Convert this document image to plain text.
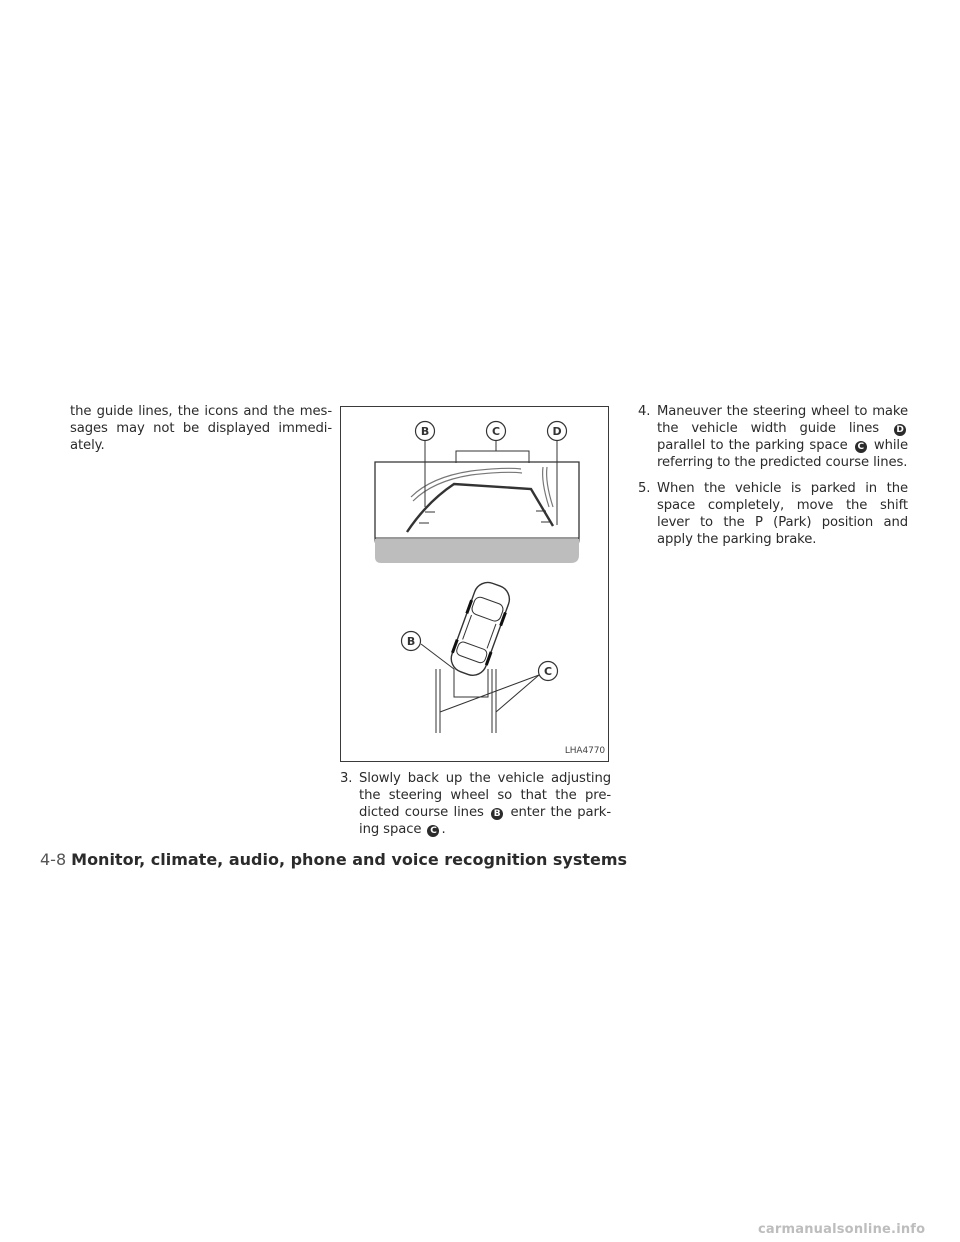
the guide lines, the icons and the mes-sages may not be displayed immedi-ately.
B	C	D
B
C
LHA4770
3. Slowly back up the vehicle adjusting the steering wheel so that the pre-dicted course lines B enter the park-ing space C .
4. Maneuver the steering wheel to make the vehicle width guide lines D parallel to the parking space C while referring to the predicted course lines.
5. When the vehicle is parked in the space completely, move the shift lever to the P (Park) position and apply the parking brake.
4-8 Monitor, climate, audio, phone and voice recognition systems
carmanualsonline.info
